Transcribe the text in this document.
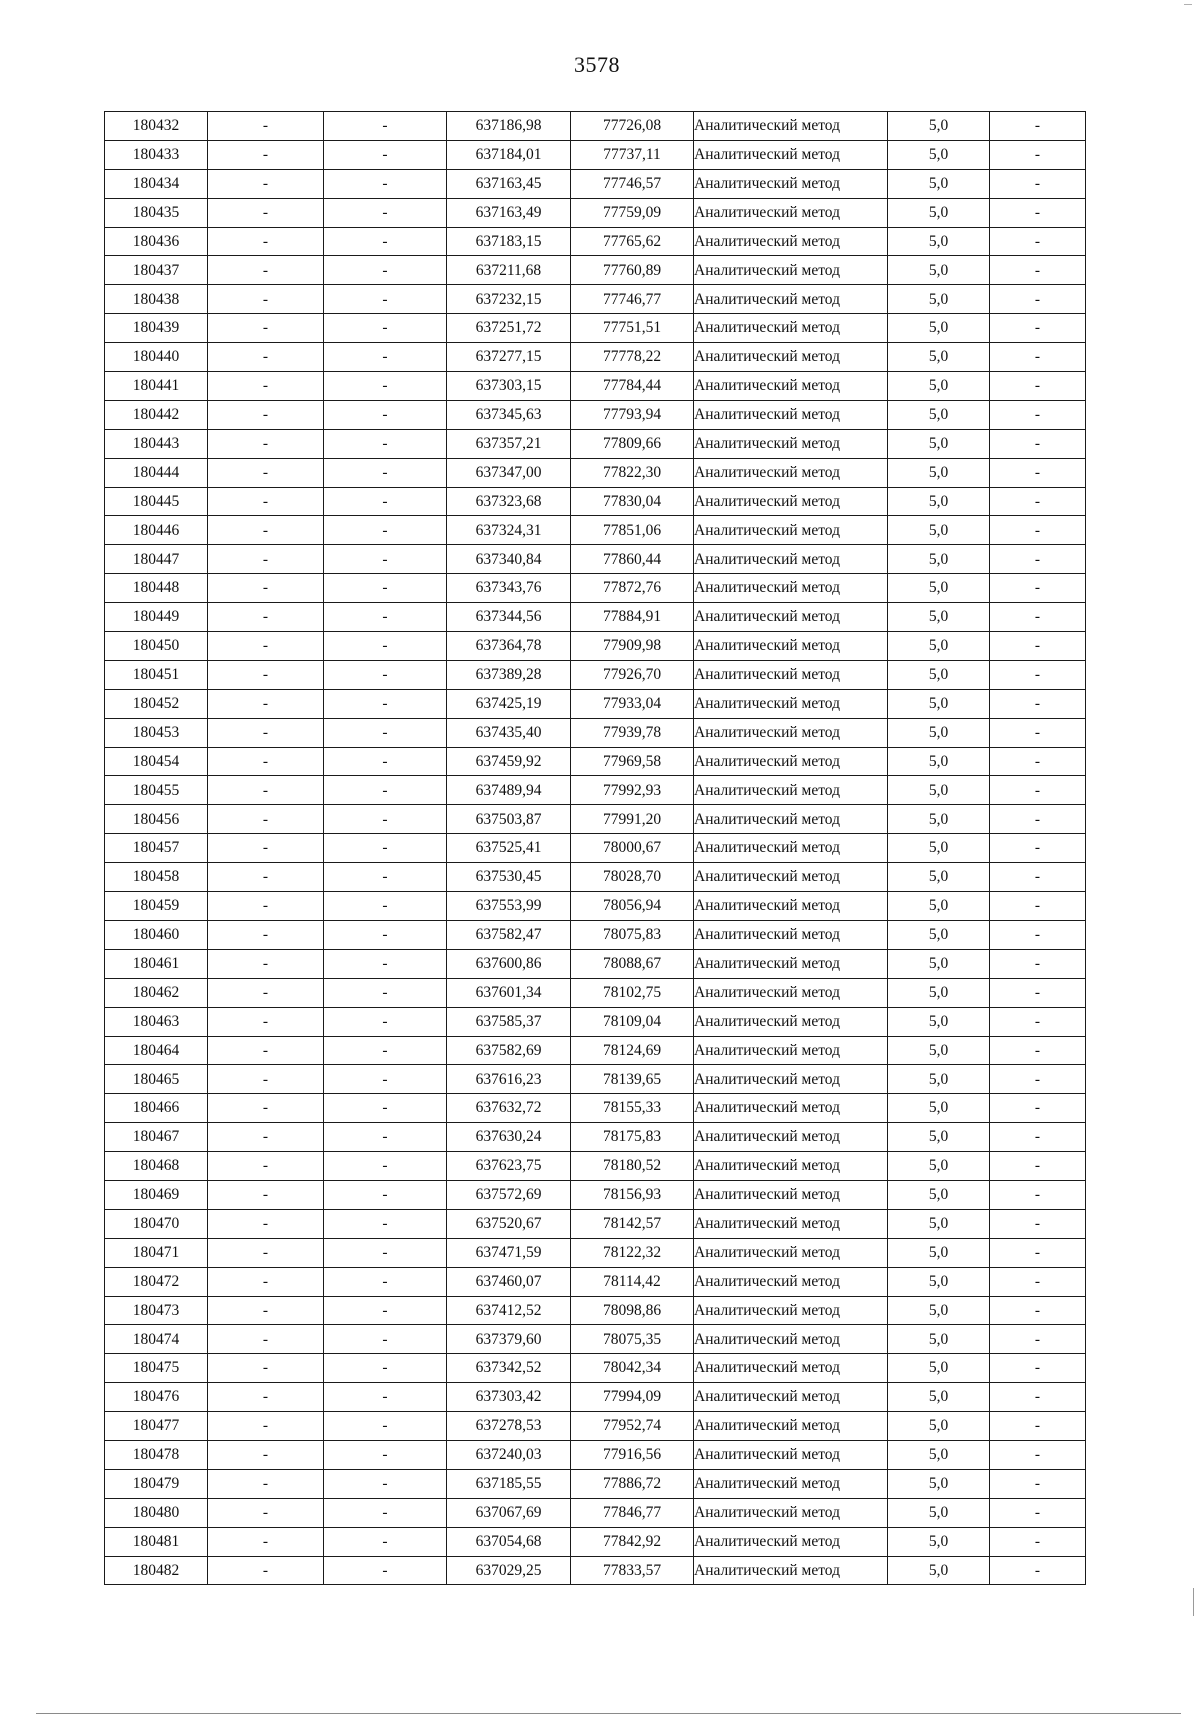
3578
180432	-	-	637186,98	77726,08	Аналитический метод	5,0	-
180433	-	-	637184,01	77737,11	Аналитический метод	5,0	-
180434	-	-	637163,45	77746,57	Аналитический метод	5,0	-
180435	-	-	637163,49	77759,09	Аналитический метод	5,0	-
180436	-	-	637183,15	77765,62	Аналитический метод	5,0	-
180437	-	-	637211,68	77760,89	Аналитический метод	5,0	-
180438	-	-	637232,15	77746,77	Аналитический метод	5,0	-
180439	-	-	637251,72	77751,51	Аналитический метод	5,0	-
180440	-	-	637277,15	77778,22	Аналитический метод	5,0	-
180441	-	-	637303,15	77784,44	Аналитический метод	5,0	-
180442	-	-	637345,63	77793,94	Аналитический метод	5,0	-
180443	-	-	637357,21	77809,66	Аналитический метод	5,0	-
180444	-	-	637347,00	77822,30	Аналитический метод	5,0	-
180445	-	-	637323,68	77830,04	Аналитический метод	5,0	-
180446	-	-	637324,31	77851,06	Аналитический метод	5,0	-
180447	-	-	637340,84	77860,44	Аналитический метод	5,0	-
180448	-	-	637343,76	77872,76	Аналитический метод	5,0	-
180449	-	-	637344,56	77884,91	Аналитический метод	5,0	-
180450	-	-	637364,78	77909,98	Аналитический метод	5,0	-
180451	-	-	637389,28	77926,70	Аналитический метод	5,0	-
180452	-	-	637425,19	77933,04	Аналитический метод	5,0	-
180453	-	-	637435,40	77939,78	Аналитический метод	5,0	-
180454	-	-	637459,92	77969,58	Аналитический метод	5,0	-
180455	-	-	637489,94	77992,93	Аналитический метод	5,0	-
180456	-	-	637503,87	77991,20	Аналитический метод	5,0	-
180457	-	-	637525,41	78000,67	Аналитический метод	5,0	-
180458	-	-	637530,45	78028,70	Аналитический метод	5,0	-
180459	-	-	637553,99	78056,94	Аналитический метод	5,0	-
180460	-	-	637582,47	78075,83	Аналитический метод	5,0	-
180461	-	-	637600,86	78088,67	Аналитический метод	5,0	-
180462	-	-	637601,34	78102,75	Аналитический метод	5,0	-
180463	-	-	637585,37	78109,04	Аналитический метод	5,0	-
180464	-	-	637582,69	78124,69	Аналитический метод	5,0	-
180465	-	-	637616,23	78139,65	Аналитический метод	5,0	-
180466	-	-	637632,72	78155,33	Аналитический метод	5,0	-
180467	-	-	637630,24	78175,83	Аналитический метод	5,0	-
180468	-	-	637623,75	78180,52	Аналитический метод	5,0	-
180469	-	-	637572,69	78156,93	Аналитический метод	5,0	-
180470	-	-	637520,67	78142,57	Аналитический метод	5,0	-
180471	-	-	637471,59	78122,32	Аналитический метод	5,0	-
180472	-	-	637460,07	78114,42	Аналитический метод	5,0	-
180473	-	-	637412,52	78098,86	Аналитический метод	5,0	-
180474	-	-	637379,60	78075,35	Аналитический метод	5,0	-
180475	-	-	637342,52	78042,34	Аналитический метод	5,0	-
180476	-	-	637303,42	77994,09	Аналитический метод	5,0	-
180477	-	-	637278,53	77952,74	Аналитический метод	5,0	-
180478	-	-	637240,03	77916,56	Аналитический метод	5,0	-
180479	-	-	637185,55	77886,72	Аналитический метод	5,0	-
180480	-	-	637067,69	77846,77	Аналитический метод	5,0	-
180481	-	-	637054,68	77842,92	Аналитический метод	5,0	-
180482	-	-	637029,25	77833,57	Аналитический метод	5,0	-
